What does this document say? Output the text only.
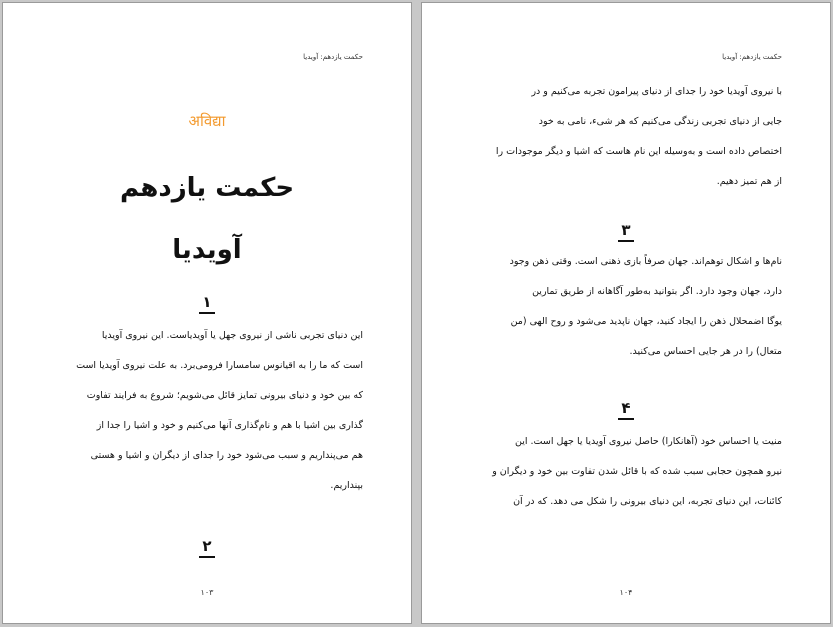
حکمت یازدهم: آویدیا
अविद्या
حکمت یازدهم
آویدیا
۱
این دنیای تجربی ناشی از نیروی جهل یا آویدیاست. این نیروی آویدیا
است که ما را به اقیانوس سامسارا فرومی‌برد. به علت نیروی آویدیا است
که بین خود و دنیای بیرونی تمایز قائل می‌شویم؛ شروع به فرایند تفاوت
گذاری بین اشیا با هم و نام‌گذاری آنها می‌کنیم و خود و اشیا را جدا از
هم می‌پنداریم و سبب می‌شود خود را جدای از دیگران و اشیا و هستی
بپنداریم.
۲
۱۰۳
حکمت یازدهم: آویدیا
با نیروی آویدیا خود را جدای از دنیای پیرامون تجربه می‌کنیم و در
جایی از دنیای تجربی زندگی می‌کنیم که هر شیء، نامی به خود
اختصاص داده است و به‌وسیله این نام هاست که اشیا و دیگر موجودات را
از هم تمیز دهیم.
۳
نام‌ها و اشکال توهم‌اند. جهان صرفاً بازی ذهنی است. وقتی ذهن وجود
دارد، جهان وجود دارد. اگر بتوانید به‌طور آگاهانه از طریق تمارین
یوگا اضمحلال ذهن را ایجاد کنید، جهان ناپدید می‌شود و روح الهی (من
متعال) را در هر جایی احساس می‌کنید.
۴
منیت یا احساس خود (آهانکارا) حاصل نیروی آویدیا یا جهل است. این
نیرو همچون حجابی سبب شده که با قائل شدن تفاوت بین خود و دیگران و
کائنات، این دنیای تجربه، این دنیای بیرونی را شکل می دهد. که در آن
۱۰۴
